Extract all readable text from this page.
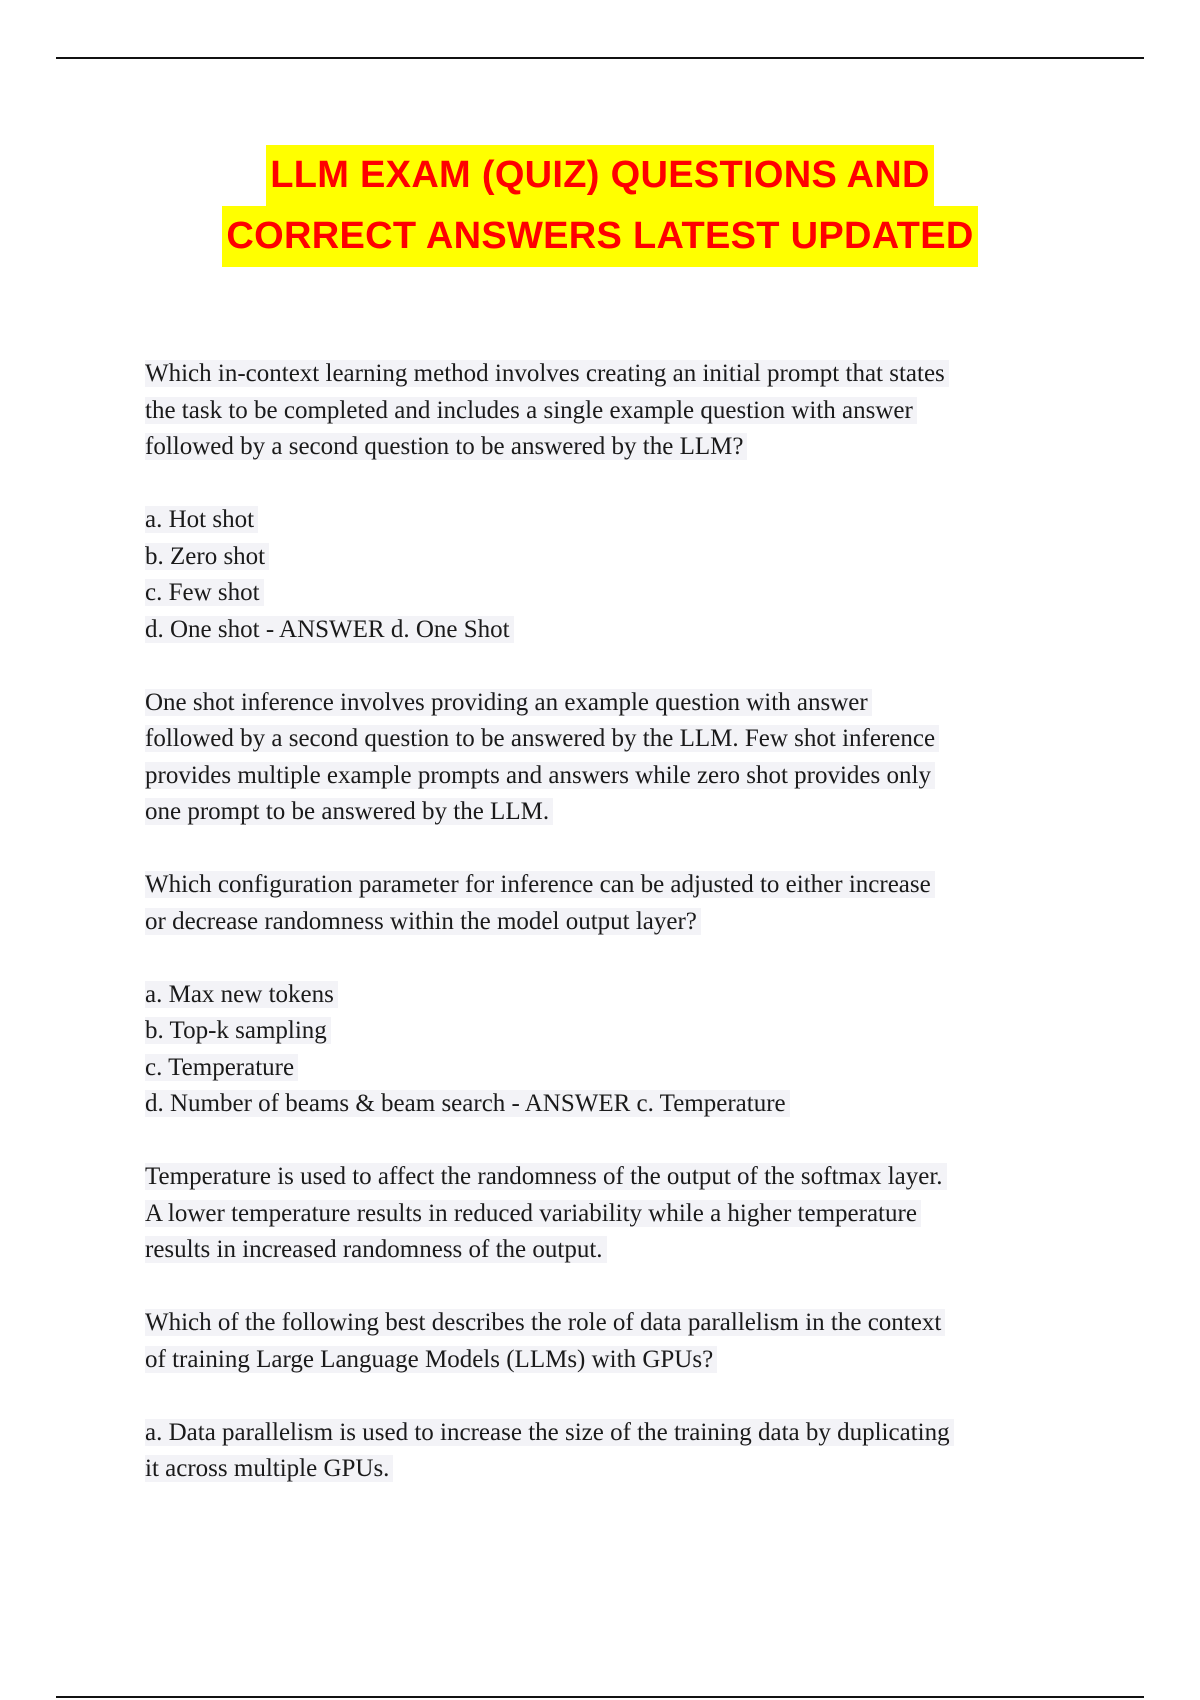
LLM EXAM (QUIZ) QUESTIONS AND
CORRECT ANSWERS LATEST UPDATED
Which in-context learning method involves creating an initial prompt that states
the task to be completed and includes a single example question with answer
followed by a second question to be answered by the LLM?
a. Hot shot
b. Zero shot
c. Few shot
d. One shot - ANSWER d. One Shot
One shot inference involves providing an example question with answer
followed by a second question to be answered by the LLM. Few shot inference
provides multiple example prompts and answers while zero shot provides only
one prompt to be answered by the LLM.
Which configuration parameter for inference can be adjusted to either increase
or decrease randomness within the model output layer?
a. Max new tokens
b. Top-k sampling
c. Temperature
d. Number of beams & beam search - ANSWER c. Temperature
Temperature is used to affect the randomness of the output of the softmax layer.
A lower temperature results in reduced variability while a higher temperature
results in increased randomness of the output.
Which of the following best describes the role of data parallelism in the context
of training Large Language Models (LLMs) with GPUs?
a. Data parallelism is used to increase the size of the training data by duplicating
it across multiple GPUs.
